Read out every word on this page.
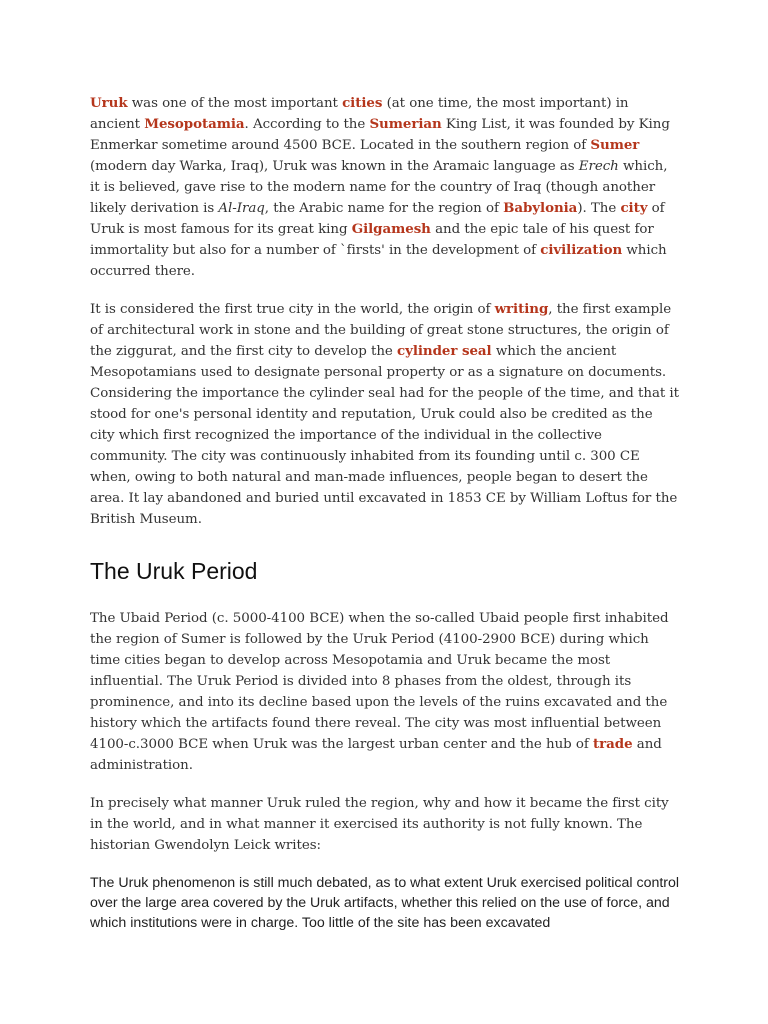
Uruk was one of the most important cities (at one time, the most important) in ancient Mesopotamia. According to the Sumerian King List, it was founded by King Enmerkar sometime around 4500 BCE. Located in the southern region of Sumer (modern day Warka, Iraq), Uruk was known in the Aramaic language as Erech which, it is believed, gave rise to the modern name for the country of Iraq (though another likely derivation is Al-Iraq, the Arabic name for the region of Babylonia). The city of Uruk is most famous for its great king Gilgamesh and the epic tale of his quest for immortality but also for a number of `firsts' in the development of civilization which occurred there.

It is considered the first true city in the world, the origin of writing, the first example of architectural work in stone and the building of great stone structures, the origin of the ziggurat, and the first city to develop the cylinder seal which the ancient Mesopotamians used to designate personal property or as a signature on documents. Considering the importance the cylinder seal had for the people of the time, and that it stood for one's personal identity and reputation, Uruk could also be credited as the city which first recognized the importance of the individual in the collective community. The city was continuously inhabited from its founding until c. 300 CE when, owing to both natural and man-made influences, people began to desert the area. It lay abandoned and buried until excavated in 1853 CE by William Loftus for the British Museum.

The Uruk Period

The Ubaid Period (c. 5000-4100 BCE) when the so-called Ubaid people first inhabited the region of Sumer is followed by the Uruk Period (4100-2900 BCE) during which time cities began to develop across Mesopotamia and Uruk became the most influential. The Uruk Period is divided into 8 phases from the oldest, through its prominence, and into its decline based upon the levels of the ruins excavated and the history which the artifacts found there reveal. The city was most influential between 4100-c.3000 BCE when Uruk was the largest urban center and the hub of trade and administration.

In precisely what manner Uruk ruled the region, why and how it became the first city in the world, and in what manner it exercised its authority is not fully known. The historian Gwendolyn Leick writes:

The Uruk phenomenon is still much debated, as to what extent Uruk exercised political control over the large area covered by the Uruk artifacts, whether this relied on the use of force, and which institutions were in charge. Too little of the site has been excavated
